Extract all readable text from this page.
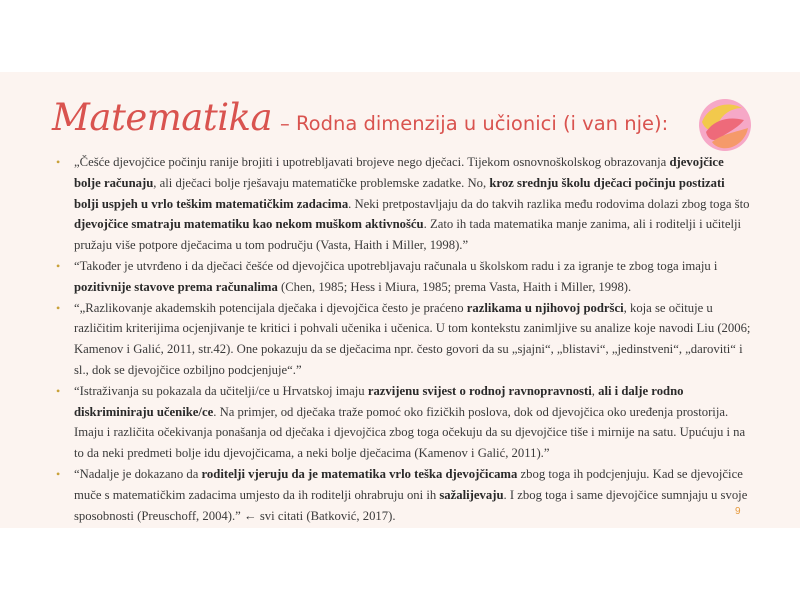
Matematika – Rodna dimenzija u učionici (i van nje):
• „Češće djevojčice počinju ranije brojiti i upotrebljavati brojeve nego dječaci. Tijekom osnovnoškolskog obrazovanja djevojčice bolje računaju, ali dječaci bolje rješavaju matematičke problemske zadatke. No, kroz srednju školu dječaci počinju postizati bolji uspjeh u vrlo teškim matematičkim zadacima. Neki pretpostavljaju da do takvih razlika među rodovima dolazi zbog toga što djevojčice smatraju matematiku kao nekom muškom aktivnošću. Zato ih tada matematika manje zanima, ali i roditelji i učitelji pružaju više potpore dječacima u tom području (Vasta, Haith i Miller, 1998).”
• “Također je utvrđeno i da dječaci češće od djevojčica upotrebljavaju računala u školskom radu i za igranje te zbog toga imaju i pozitivnije stavove prema računalima (Chen, 1985; Hess i Miura, 1985; prema Vasta, Haith i Miller, 1998).
• “„Razlikovanje akademskih potencijala dječaka i djevojčica često je praćeno razlikama u njihovoj podršci, koja se očituje u različitim kriterijima ocjenjivanje te kritici i pohvali učenika i učenica. U tom kontekstu zanimljive su analize koje navodi Liu (2006; Kamenov i Galić, 2011, str.42). One pokazuju da se dječacima npr. često govori da su „sjajni“, „blistavi“, „jedinstveni“, „daroviti“ i sl., dok se djevojčice ozbiljno podcjenjuje“.”
• “Istraživanja su pokazala da učitelji/ce u Hrvatskoj imaju razvijenu svijest o rodnoj ravnopravnosti, ali i dalje rodno diskriminiraju učenike/ce. Na primjer, od dječaka traže pomoć oko fizičkih poslova, dok od djevojčica oko uređenja prostorija. Imaju i različita očekivanja ponašanja od dječaka i djevojčica zbog toga očekuju da su djevojčice tiše i mirnije na satu. Upućuju i na to da neki predmeti bolje idu djevojčicama, a neki bolje dječacima (Kamenov i Galić, 2011).”
• “Nadalje je dokazano da roditelji vjeruju da je matematika vrlo teška djevojčicama zbog toga ih podcjenjuju. Kad se djevojčice muče s matematičkim zadacima umjesto da ih roditelji ohrabruju oni ih sažalijevaju. I zbog toga i same djevojčice sumnjaju u svoje sposobnosti (Preuschoff, 2004).” ← svi citati (Batković, 2017).	9
